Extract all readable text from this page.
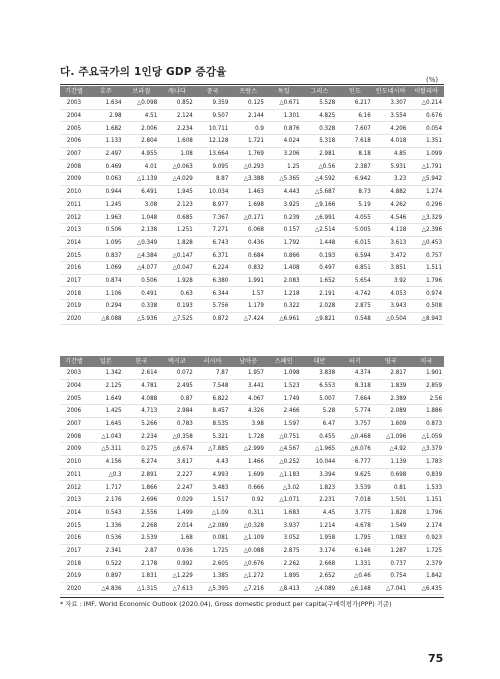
다. 주요국가의 1인당 GDP 증감율
(%)
기간별	호주	브라질	캐나다	중국	프랑스	독일	그리스	인도	인도네시아	이탈리아
2003	1.634	△0.098	0.852	9.359	0.125	△0.671	5.528	6.217	3.307	△0.214
2004	2.98	4.51	2.124	9.507	2.144	1.301	4.825	6.16	3.554	0.676
2005	1.682	2.006	2.234	10.711	0.9	0.876	0.328	7.607	4.206	0.054
2006	1.133	2.804	1.608	12.128	1.721	4.024	5.318	7.618	4.018	1.351
2007	2.497	4.955	1.08	13.664	1.769	3.206	2.981	8.18	4.85	1.099
2008	0.469	4.01	△0.063	9.095	△0.293	1.25	△0.56	2.387	5.931	△1.791
2009	0.063	△1.139	△4.029	8.87	△3.388	△5.365	△4.592	6.942	3.23	△5.942
2010	0.944	6.491	1.945	10.034	1.463	4.443	△5.687	8.73	4.882	1.274
2011	1.245	3.08	2.123	8.977	1.698	3.925	△9.166	5.19	4.262	0.296
2012	1.963	1.048	0.685	7.367	△0.171	0.239	△6.991	4.055	4.546	△3.329
2013	0.506	2.138	1.251	7.271	0.068	0.157	△2.514	5.005	4.118	△2.396
2014	1.095	△0.349	1.828	6.743	0.436	1.792	1.448	6.015	3.613	△0.453
2015	0.837	△4.384	△0.147	6.371	0.684	0.866	0.193	6.594	3.472	0.757
2016	1.069	△4.077	△0.047	6.224	0.832	1.408	0.497	6.851	3.851	1.511
2017	0.874	0.506	1.928	6.380	1.991	2.083	1.652	5.654	3.92	1.796
2018	1.106	0.491	0.63	6.344	1.57	1.218	2.191	4.742	4.053	0.974
2019	0.294	0.338	0.193	5.756	1.179	0.322	2.028	2.875	3.943	0.508
2020	△8.088	△5.936	△7.525	0.872	△7.424	△6.961	△9.821	0.548	△0.504	△8.943
기간별	일본	한국	멕시코	러시아	남아공	스페인	대만	터키	영국	미국
2003	1.342	2.614	0.072	7.87	1.957	1.098	3.838	4.374	2.817	1.901
2004	2.125	4.781	2.495	7.548	3.441	1.523	6.553	8.318	1.839	2.859
2005	1.649	4.088	0.87	6.822	4.067	1.749	5.007	7.664	2.389	2.56
2006	1.425	4.713	2.984	8.457	4.326	2.466	5.28	5.774	2.089	1.886
2007	1.645	5.266	0.783	8.535	3.98	1.597	6.47	3.757	1.609	0.873
2008	△1.043	2.234	△0.358	5.321	1.728	△0.751	0.455	△0.468	△1.096	△1.059
2009	△5.311	0.275	△6.674	△7.885	△2.999	△4.567	△1.965	△6.076	△4.92	△3.379
2010	4.156	6.274	3.617	4.43	1.466	△0.252	10.044	6.777	1.139	1.783
2011	△0.3	2.891	2.227	4.993	1.699	△1.183	3.394	9.625	0.698	0.839
2012	1.717	1.866	2.247	3.483	0.666	△3.02	1.823	3.539	0.81	1.533
2013	2.176	2.696	0.029	1.517	0.92	△1.071	2.231	7.018	1.501	1.151
2014	0.543	2.556	1.499	△1.09	0.311	1.683	4.45	3.775	1.828	1.796
2015	1.336	2.268	2.014	△2.089	△0.328	3.937	1.214	4.678	1.549	2.174
2016	0.536	2.539	1.68	0.081	△1.109	3.052	1.958	1.795	1.083	0.923
2017	2.341	2.87	0.936	1.725	△0.088	2.875	3.174	6.146	1.287	1.725
2018	0.522	2.178	0.992	2.605	△0.676	2.262	2.668	1.331	0.737	2.379
2019	0.897	1.831	△1.229	1.385	△1.272	1.895	2.652	△0.46	0.754	1.842
2020	△4.836	△1.315	△7.613	△5.395	△7.216	△8.413	△4.089	△6.148	△7.041	△6.435
* 자료 : IMF, World Economic Outlook (2020.04), Gross domestic product per capita(구매력평가(PPP) 기준)
75
